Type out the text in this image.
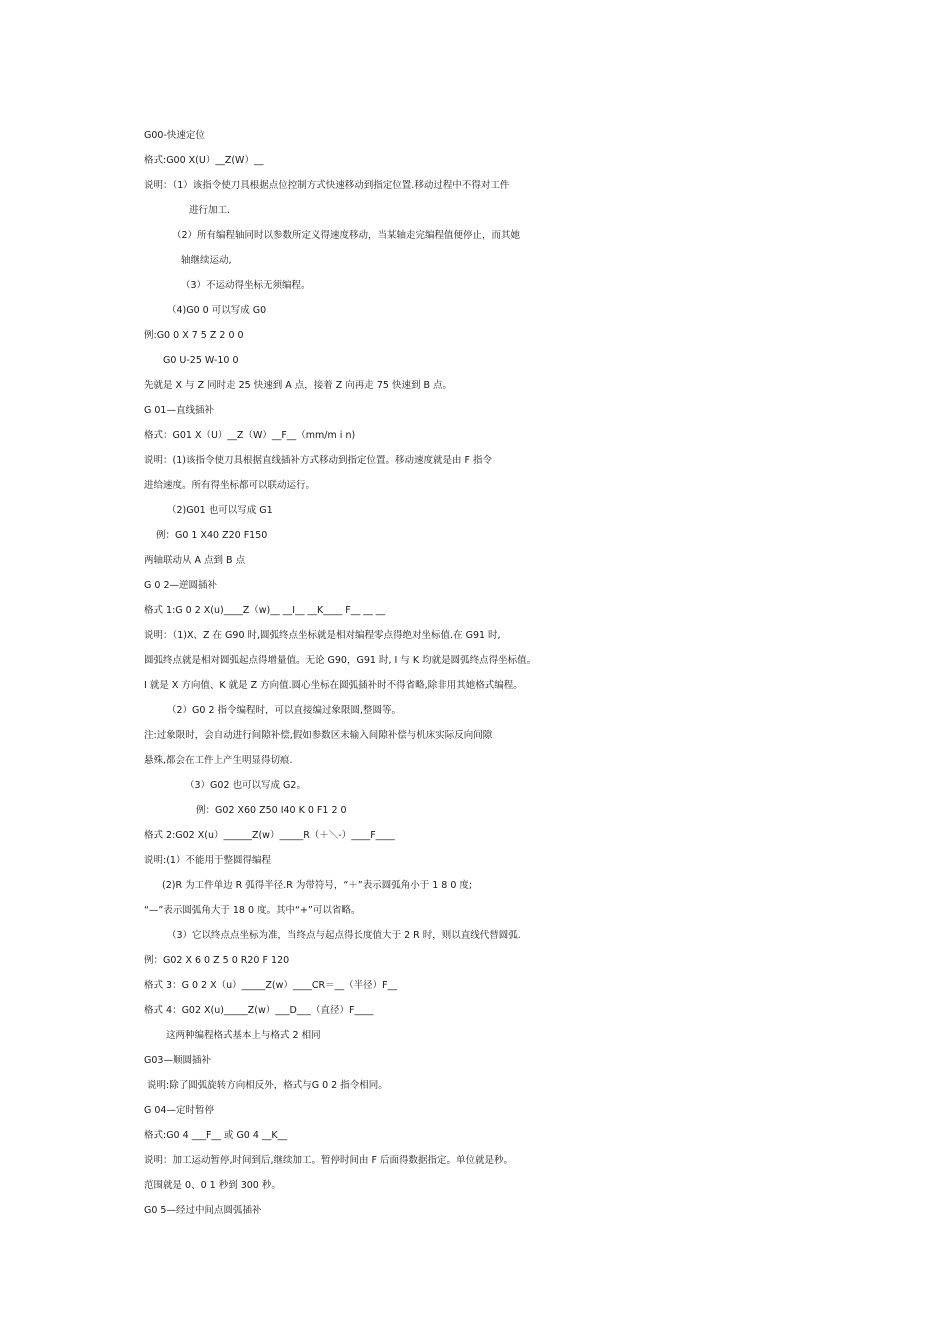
G00-快速定位
格式:G00 X(U）__Z(W）__
说明：（1）该指令使刀具根据点位控制方式快速移动到指定位置.移动过程中不得对工件
进行加工.
（2）所有编程轴同时以参数所定义得速度移动，当某轴走完编程值便停止，而其她
轴继续运动,
（3）不运动得坐标无须编程。
（4)G0 0 可以写成 G0
例:G0 0 X 7 5 Z 2 0 0
G0 U-25 W-10 0
先就是 X 与 Z 同时走 25 快速到 A 点，接着 Z 向再走 75 快速到 B 点。
G 01—直线插补
格式：G01 X（U）__Z（W）__F__（mm/m i n)
说明：(1)该指令使刀具根据直线插补方式移动到指定位置。移动速度就是由 F 指令
进给速度。所有得坐标都可以联动运行。
（2)G01 也可以写成 G1
例：G0 1 X40 Z20 F150
两轴联动从 A 点到 B 点
G 0 2—逆圆插补
格式 1:G 0 2 X(u)____Z（w)__ __I__ __K____ F__ __ __
说明：（1)X、Z 在 G90 时,圆弧终点坐标就是相对编程零点得绝对坐标值.在 G91 时,
圆弧终点就是相对圆弧起点得增量值。无论 G90，G91 时, I 与 K 均就是圆弧终点得坐标值。
I 就是 X 方向值、K 就是 Z 方向值.圆心坐标在圆弧插补时不得省略,除非用其她格式编程。
（2）G0 2 指令编程时，可以直接编过象限圆,整圆等。
注:过象限时，会自动进行间隙补偿,假如参数区未输入间隙补偿与机床实际反向间隙
悬殊,都会在工件上产生明显得切痕.
（3）G02 也可以写成 G2。
例：G02 X60 Z50 I40 K 0 F1 2 0
格式 2:G02 X(u）______Z(w）_____R（＋＼-）____F____
说明:(1）不能用于整圆得编程
(2)R 为工件单边 R 弧得半径.R 为带符号，“＋”表示圆弧角小于 1 8 0 度;
“—”表示圆弧角大于 18 0 度。其中“+”可以省略。
（3）它以终点点坐标为准，当终点与起点得长度值大于 2 R 时，则以直线代替圆弧.
例：G02 X 6 0 Z 5 0 R20 F 120
格式 3：G 0 2 X（u）_____Z(w）____CR＝__（半径）F__
格式 4：G02 X(u)_____Z(w）___D___（直径）F____
这两种编程格式基本上与格式 2 相同
G03—顺圆插补
说明:除了圆弧旋转方向相反外，格式与G 0 2 指令相同。
G 04—定时暂停
格式:G0 4 ___F__ 或 G0 4 __K__
说明：加工运动暂停,时间到后,继续加工。暂停时间由 F 后面得数据指定。单位就是秒。
范围就是 0、0 1 秒到 300 秒。
G0 5—经过中间点圆弧插补
